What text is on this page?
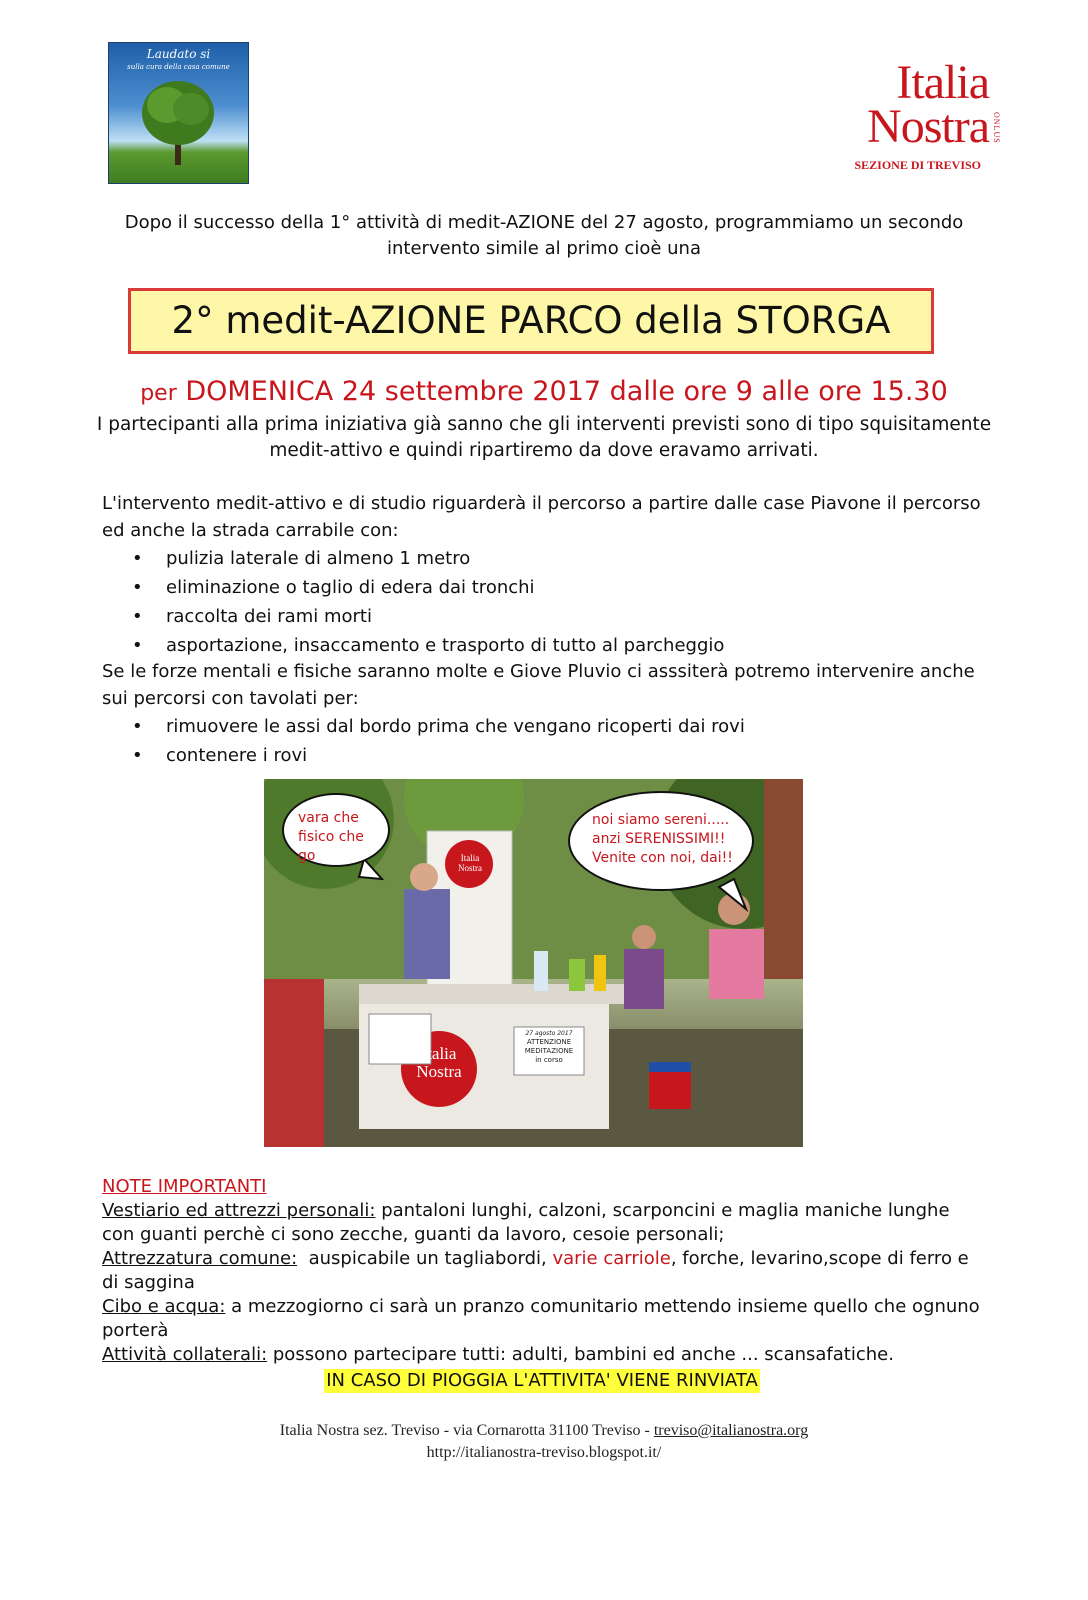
Laudato si
sulla cura della casa comune	Italia
Nostra ONLUS
SEZIONE DI TREVISO
Dopo il successo della 1° attività di medit-AZIONE del 27 agosto, programmiamo un secondo intervento simile al primo cioè una
2° medit-AZIONE PARCO della STORGA
per DOMENICA 24 settembre 2017 dalle ore 9 alle ore 15.30
I partecipanti alla prima iniziativa già sanno che gli interventi previsti sono di tipo squisitamente medit-attivo e quindi ripartiremo da dove eravamo arrivati.

L'intervento medit-attivo e di studio riguarderà il percorso a partire dalle case Piavone il percorso ed anche la strada carrabile con:

• pulizia laterale di almeno 1 metro
• eliminazione o taglio di edera dai tronchi
• raccolta dei rami morti
• asportazione, insaccamento e trasporto di tutto al parcheggio

Se le forze mentali e fisiche saranno molte e Giove Pluvio ci asssiterà potremo intervenire anche sui percorsi con tavolati per:

• rimuovere le assi dal bordo prima che vengano ricoperti dai rovi
• contenere i rovi
vara che fisico che go
noi siamo sereni.....
anzi SERENISSIMI!!
Venite con noi, dai!!
Italia
Nostra
Italia
Nostra
27 agosto 2017
ATTENZIONE
MEDITAZIONE
in corso

NOTE IMPORTANTI

Vestiario ed attrezzi personali: pantaloni lunghi, calzoni, scarponcini e maglia maniche lunghe con guanti perchè ci sono zecche, guanti da lavoro, cesoie personali;

Attrezzatura comune:  auspicabile un tagliabordi, varie carriole, forche, levarino,scope di ferro e di saggina

Cibo e acqua: a mezzogiorno ci sarà un pranzo comunitario mettendo insieme quello che ognuno porterà

Attività collaterali: possono partecipare tutti: adulti, bambini ed anche ... scansafatiche.

IN CASO DI PIOGGIA L'ATTIVITA' VIENE RINVIATA

Italia Nostra sez. Treviso - via Cornarotta 31100 Treviso - treviso@italianostra.org
http://italianostra-treviso.blogspot.it/
